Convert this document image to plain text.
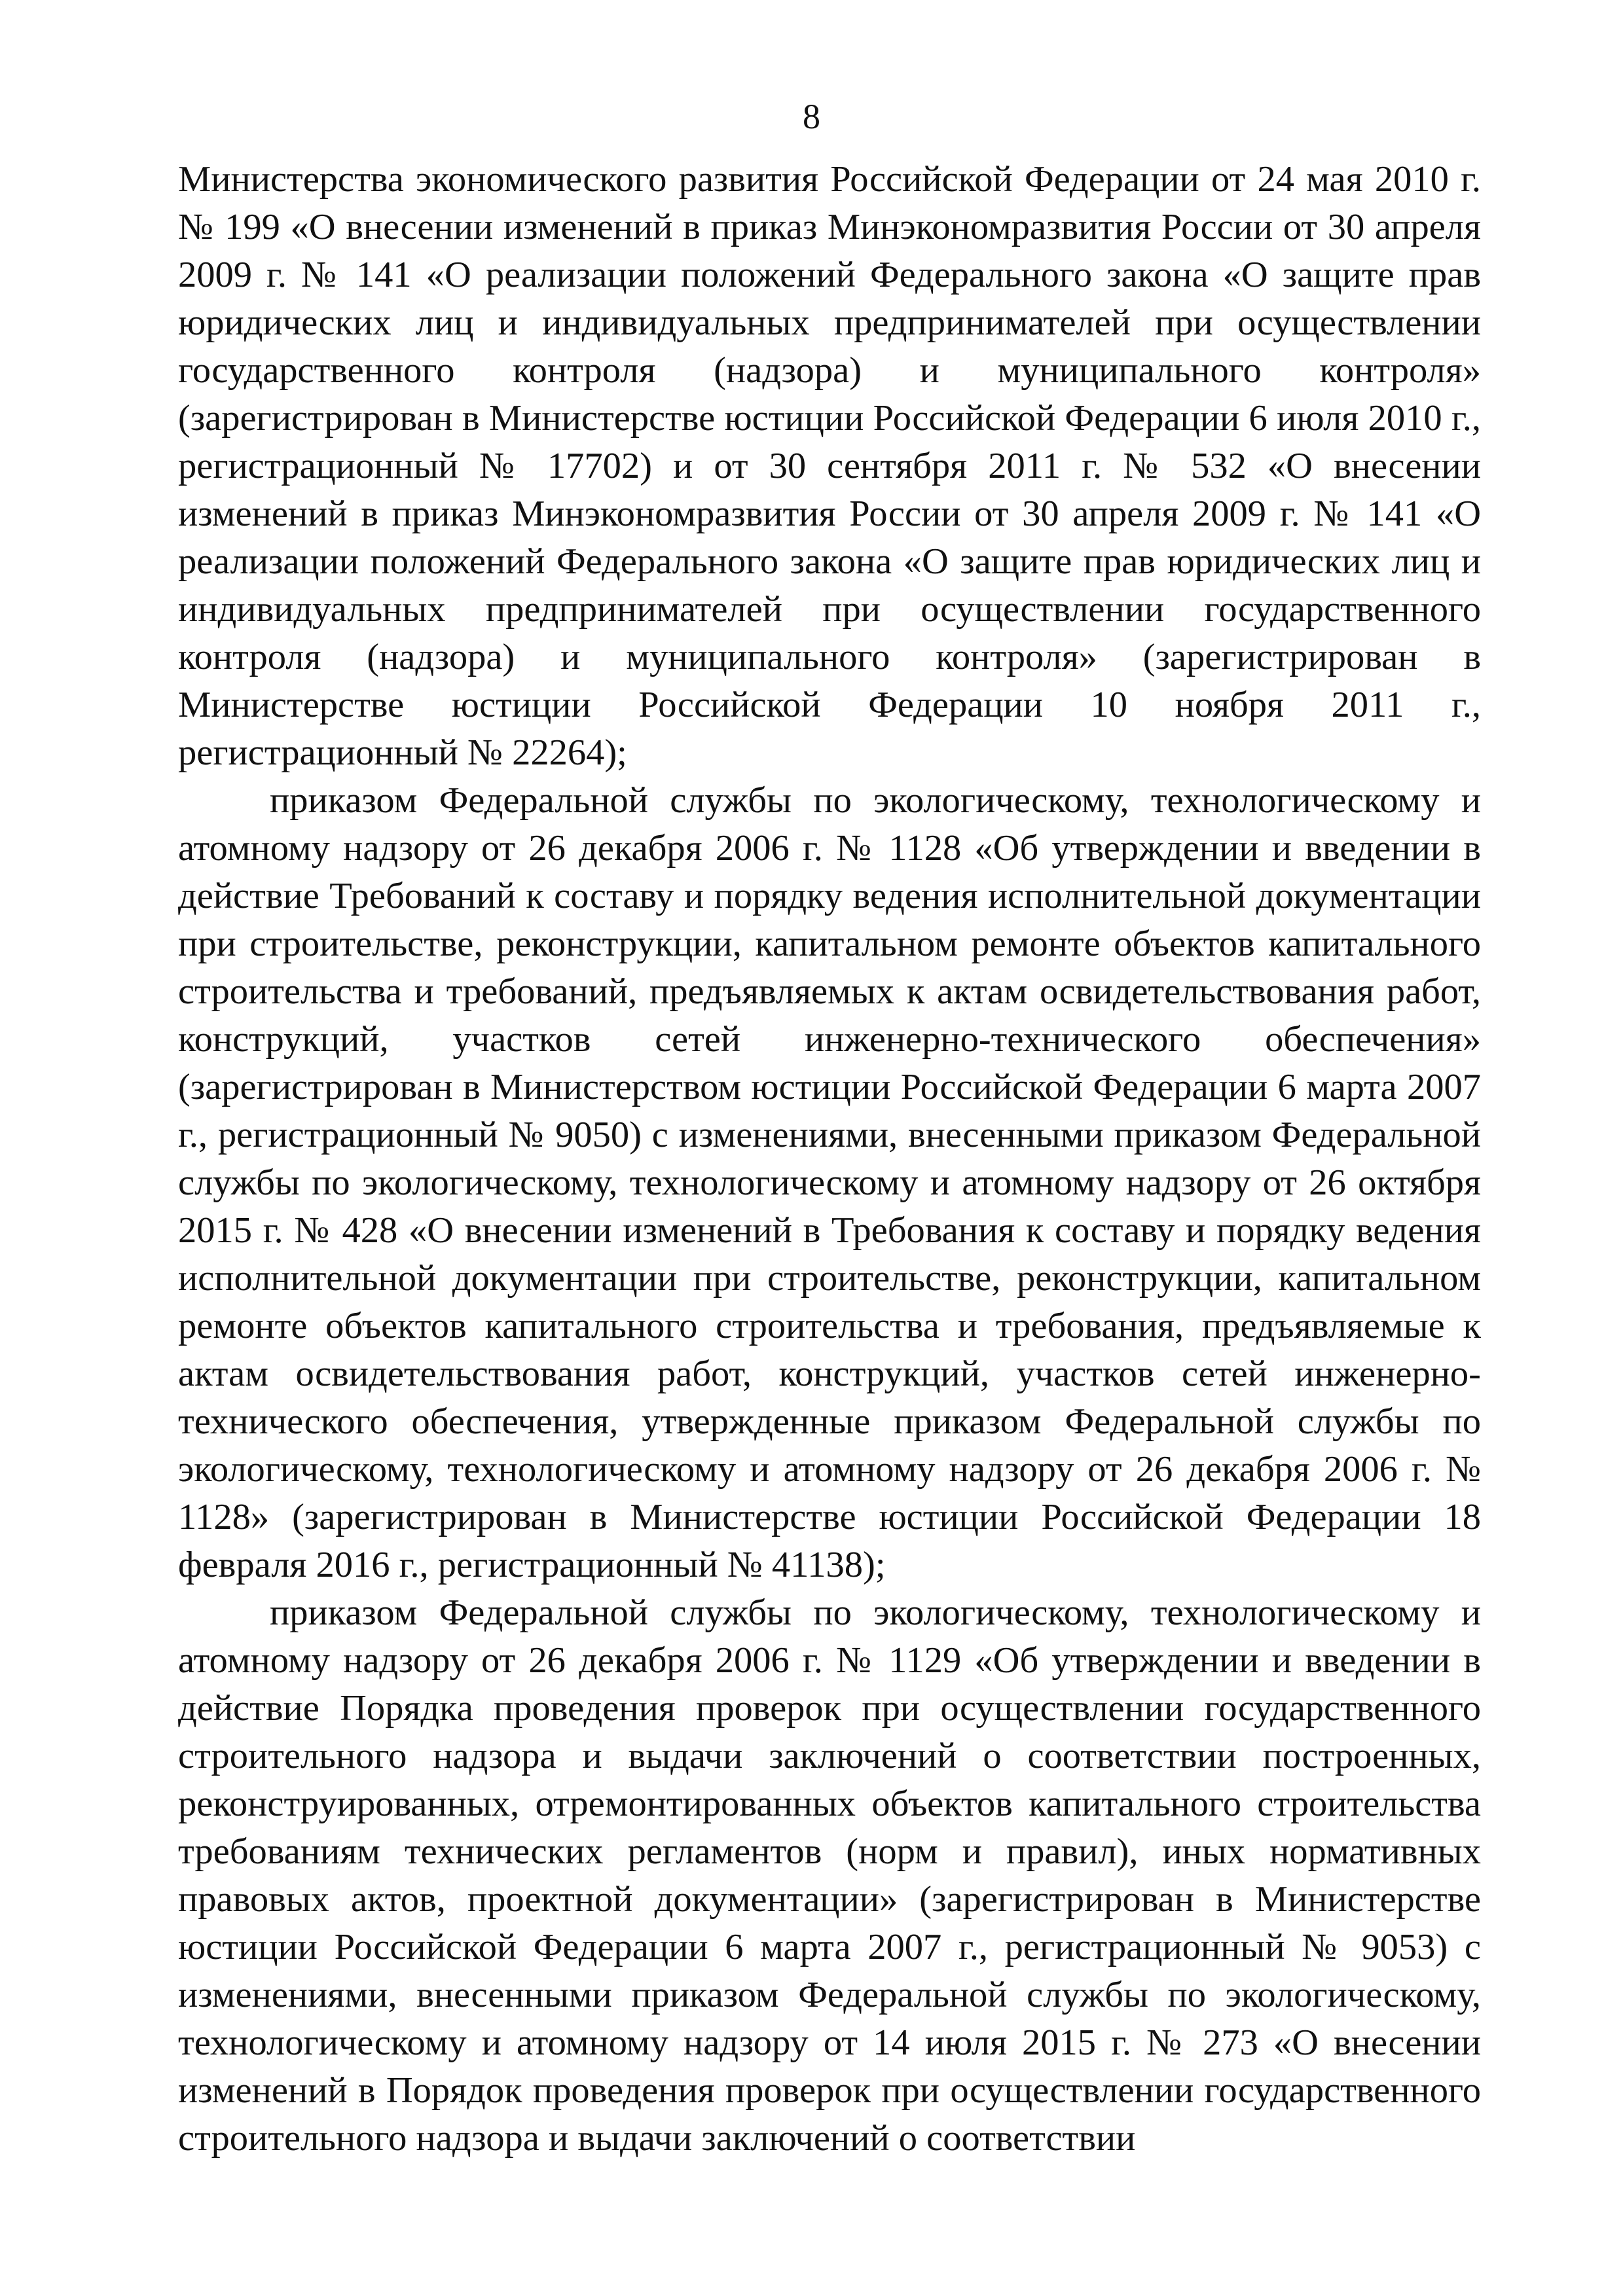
8

Министерства экономического развития Российской Федерации от 24 мая 2010 г. № 199 «О внесении изменений в приказ Минэкономразвития России от 30 апреля 2009 г. № 141 «О реализации положений Федерального закона «О защите прав юридических лиц и индивидуальных предпринимателей при осуществлении государственного контроля (надзора) и муниципального контроля» (зарегистрирован в Министерстве юстиции Российской Федерации 6 июля 2010 г., регистрационный № 17702) и от 30 сентября 2011 г. № 532 «О внесении изменений в приказ Минэкономразвития России от 30 апреля 2009 г. № 141 «О реализации положений Федерального закона «О защите прав юридических лиц и индивидуальных предпринимателей при осуществлении государственного контроля (надзора) и муниципального контроля» (зарегистрирован в Министерстве юстиции Российской Федерации 10 ноября 2011 г., регистрационный № 22264);

приказом Федеральной службы по экологическому, технологическому и атомному надзору от 26 декабря 2006 г. № 1128 «Об утверждении и введении в действие Требований к составу и порядку ведения исполнительной документации при строительстве, реконструкции, капитальном ремонте объектов капитального строительства и требований, предъявляемых к актам освидетельствования работ, конструкций, участков сетей инженерно-технического обеспечения» (зарегистрирован в Министерством юстиции Российской Федерации 6 марта 2007 г., регистрационный № 9050) с изменениями, внесенными приказом Федеральной службы по экологическому, технологическому и атомному надзору от 26 октября 2015 г. № 428 «О внесении изменений в Требования к составу и порядку ведения исполнительной документации при строительстве, реконструкции, капитальном ремонте объектов капитального строительства и требования, предъявляемые к актам освидетельствования работ, конструкций, участков сетей инженерно-технического обеспечения, утвержденные приказом Федеральной службы по экологическому, технологическому и атомному надзору от 26 декабря 2006 г. № 1128» (зарегистрирован в Министерстве юстиции Российской Федерации 18 февраля 2016 г., регистрационный № 41138);

приказом Федеральной службы по экологическому, технологическому и атомному надзору от 26 декабря 2006 г. № 1129 «Об утверждении и введении в действие Порядка проведения проверок при осуществлении государственного строительного надзора и выдачи заключений о соответствии построенных, реконструированных, отремонтированных объектов капитального строительства требованиям технических регламентов (норм и правил), иных нормативных правовых актов, проектной документации» (зарегистрирован в Министерстве юстиции Российской Федерации 6 марта 2007 г., регистрационный № 9053) с изменениями, внесенными приказом Федеральной службы по экологическому, технологическому и атомному надзору от 14 июля 2015 г. № 273 «О внесении изменений в Порядок проведения проверок при осуществлении государственного строительного надзора и выдачи заключений о соответствии
